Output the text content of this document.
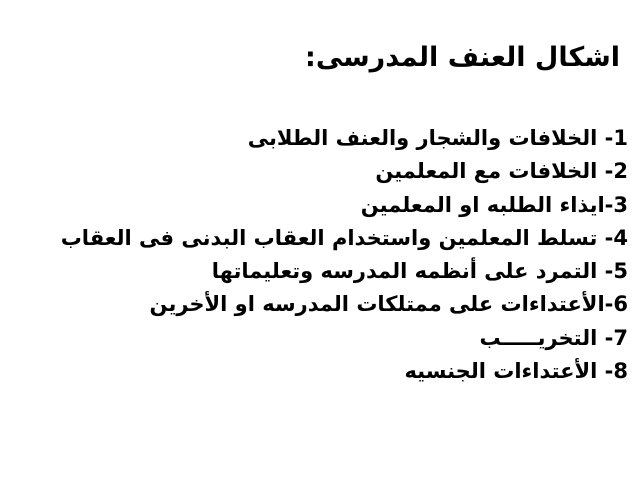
اشكال العنف المدرسى:
1- الخلافات والشجار والعنف الطلابى
2- الخلافات مع المعلمين
3-ايذاء الطلبه او المعلمين
4- تسلط المعلمين واستخدام العقاب البدنى فى العقاب
5- التمرد على أنظمه المدرسه وتعليماتها
6-الأعتداءات على ممتلكات المدرسه او الأخرين
7- التخريـــــب
8- الأعتداءات الجنسيه
